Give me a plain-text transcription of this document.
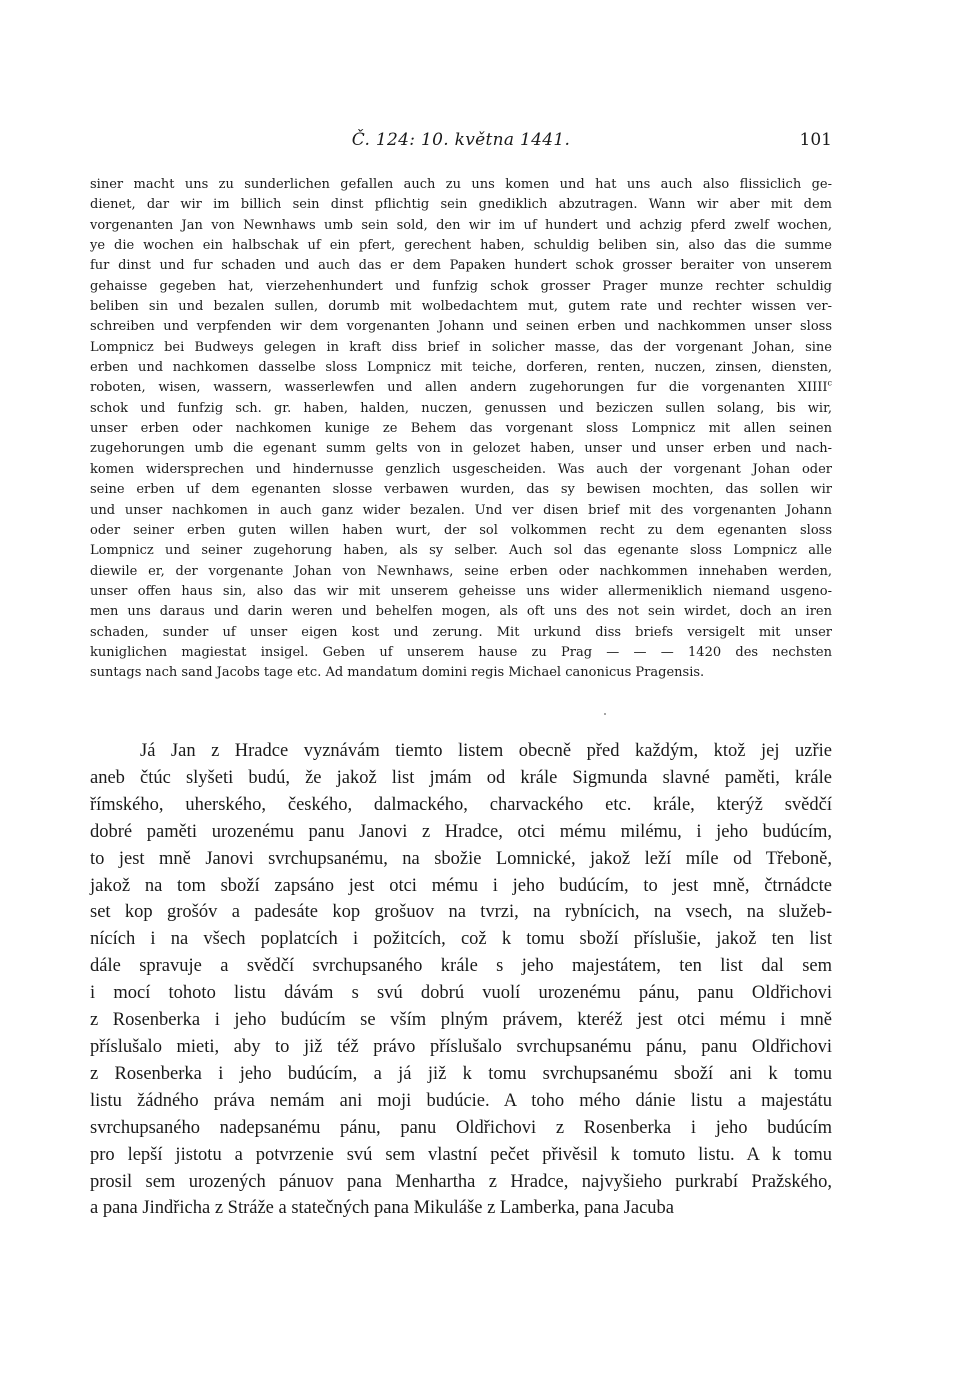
Č. 124: 10. května 1441.	101
siner macht uns zu sunderlichen gefallen auch zu uns komen und hat uns auch also flissiclich ge-
dienet, dar wir im billich sein dinst pflichtig sein gnediklich abzutragen. Wann wir aber mit dem
vorgenanten Jan von Newnhaws umb sein sold, den wir im uf hundert und achzig pferd zwelf wochen,
ye die wochen ein halbschak uf ein pfert, gerechent haben, schuldig beliben sin, also das die summe
fur dinst und fur schaden und auch das er dem Papaken hundert schok grosser beraiter von unserem
gehaisse gegeben hat, vierzehenhundert und funfzig schok grosser Prager munze rechter schuldig
beliben sin und bezalen sullen, dorumb mit wolbedachtem mut, gutem rate und rechter wissen ver-
schreiben und verpfenden wir dem vorgenanten Johann und seinen erben und nachkommen unser sloss
Lompnicz bei Budweys gelegen in kraft diss brief in solicher masse, das der vorgenant Johan, sine
erben und nachkomen dasselbe sloss Lompnicz mit teiche, dorferen, renten, nuczen, zinsen, diensten,
roboten, wisen, wassern, wasserlewfen und allen andern zugehorungen fur die vorgenanten XIIII$^c$
schok und funfzig sch. gr. haben, halden, nuczen, genussen und beziczen sullen solang, bis wir,
unser erben oder nachkomen kunige ze Behem das vorgenant sloss Lompnicz mit allen seinen
zugehorungen umb die egenant summ gelts von in gelozet haben, unser und unser erben und nach-
komen widersprechen und hindernusse genzlich usgescheiden. Was auch der vorgenant Johan oder
seine erben uf dem egenanten slosse verbawen wurden, das sy bewisen mochten, das sollen wir
und unser nachkomen in auch ganz wider bezalen. Und ver disen brief mit des vorgenanten Johann
oder seiner erben guten willen haben wurt, der sol volkommen recht zu dem egenanten sloss
Lompnicz und seiner zugehorung haben, als sy selber. Auch sol das egenante sloss Lompnicz alle
diewile er, der vorgenante Johan von Newnhaws, seine erben oder nachkommen innehaben werden,
unser offen haus sin, also das wir mit unserem geheisse uns wider allermeniklich niemand usgeno-
men uns daraus und darin weren und behelfen mogen, als oft uns des not sein wirdet, doch an iren
schaden, sunder uf unser eigen kost und zerung. Mit urkund diss briefs versigelt mit unser
kuniglichen magiestat insigel. Geben uf unserem hause zu Prag — — — 1420 des nechsten
suntags nach sand Jacobs tage etc. Ad mandatum domini regis Michael canonicus Pragensis.
Já Jan z Hradce vyznávám tiemto listem obecně před každým, ktož jej uzřie
aneb čtúc slyšeti budú, že jakož list jmám od krále Sigmunda slavné paměti, krále
římského, uherského, českého, dalmackého, charvackého etc. krále, kterýž svědčí
dobré paměti urozenému panu Janovi z Hradce, otci mému milému, i jeho budúcím,
to jest mně Janovi svrchupsanému, na sbožie Lomnické, jakož leží míle od Třeboně,
jakož na tom sboží zapsáno jest otci mému i jeho budúcím, to jest mně, čtrnádcte
set kop grošóv a padesáte kop grošuov na tvrzi, na rybnícich, na vsech, na služeb-
nících i na všech poplatcích i požitcích, což k tomu sboží příslušie, jakož ten list
dále spravuje a svědčí svrchupsaného krále s jeho majestátem, ten list dal sem
i mocí tohoto listu dávám s svú dobrú vuolí urozenému pánu, panu Oldřichovi
z Rosenberka i jeho budúcím se vším plným právem, kteréž jest otci mému i mně
příslušalo mieti, aby to již též právo příslušalo svrchupsanému pánu, panu Oldřichovi
z Rosenberka i jeho budúcím, a já již k tomu svrchupsanému sboží ani k tomu
listu žádného práva nemám ani moji budúcie. A toho mého dánie listu a majestátu
svrchupsaného nadepsanému pánu, panu Oldřichovi z Rosenberka i jeho budúcím
pro lepší jistotu a potvrzenie svú sem vlastní pečet přivěsil k tomuto listu. A k tomu
prosil sem urozených pánuov pana Menhartha z Hradce, najvyšieho purkrabí Pražského,
a pana Jindřicha z Stráže a statečných pana Mikuláše z Lamberka, pana Jacuba
